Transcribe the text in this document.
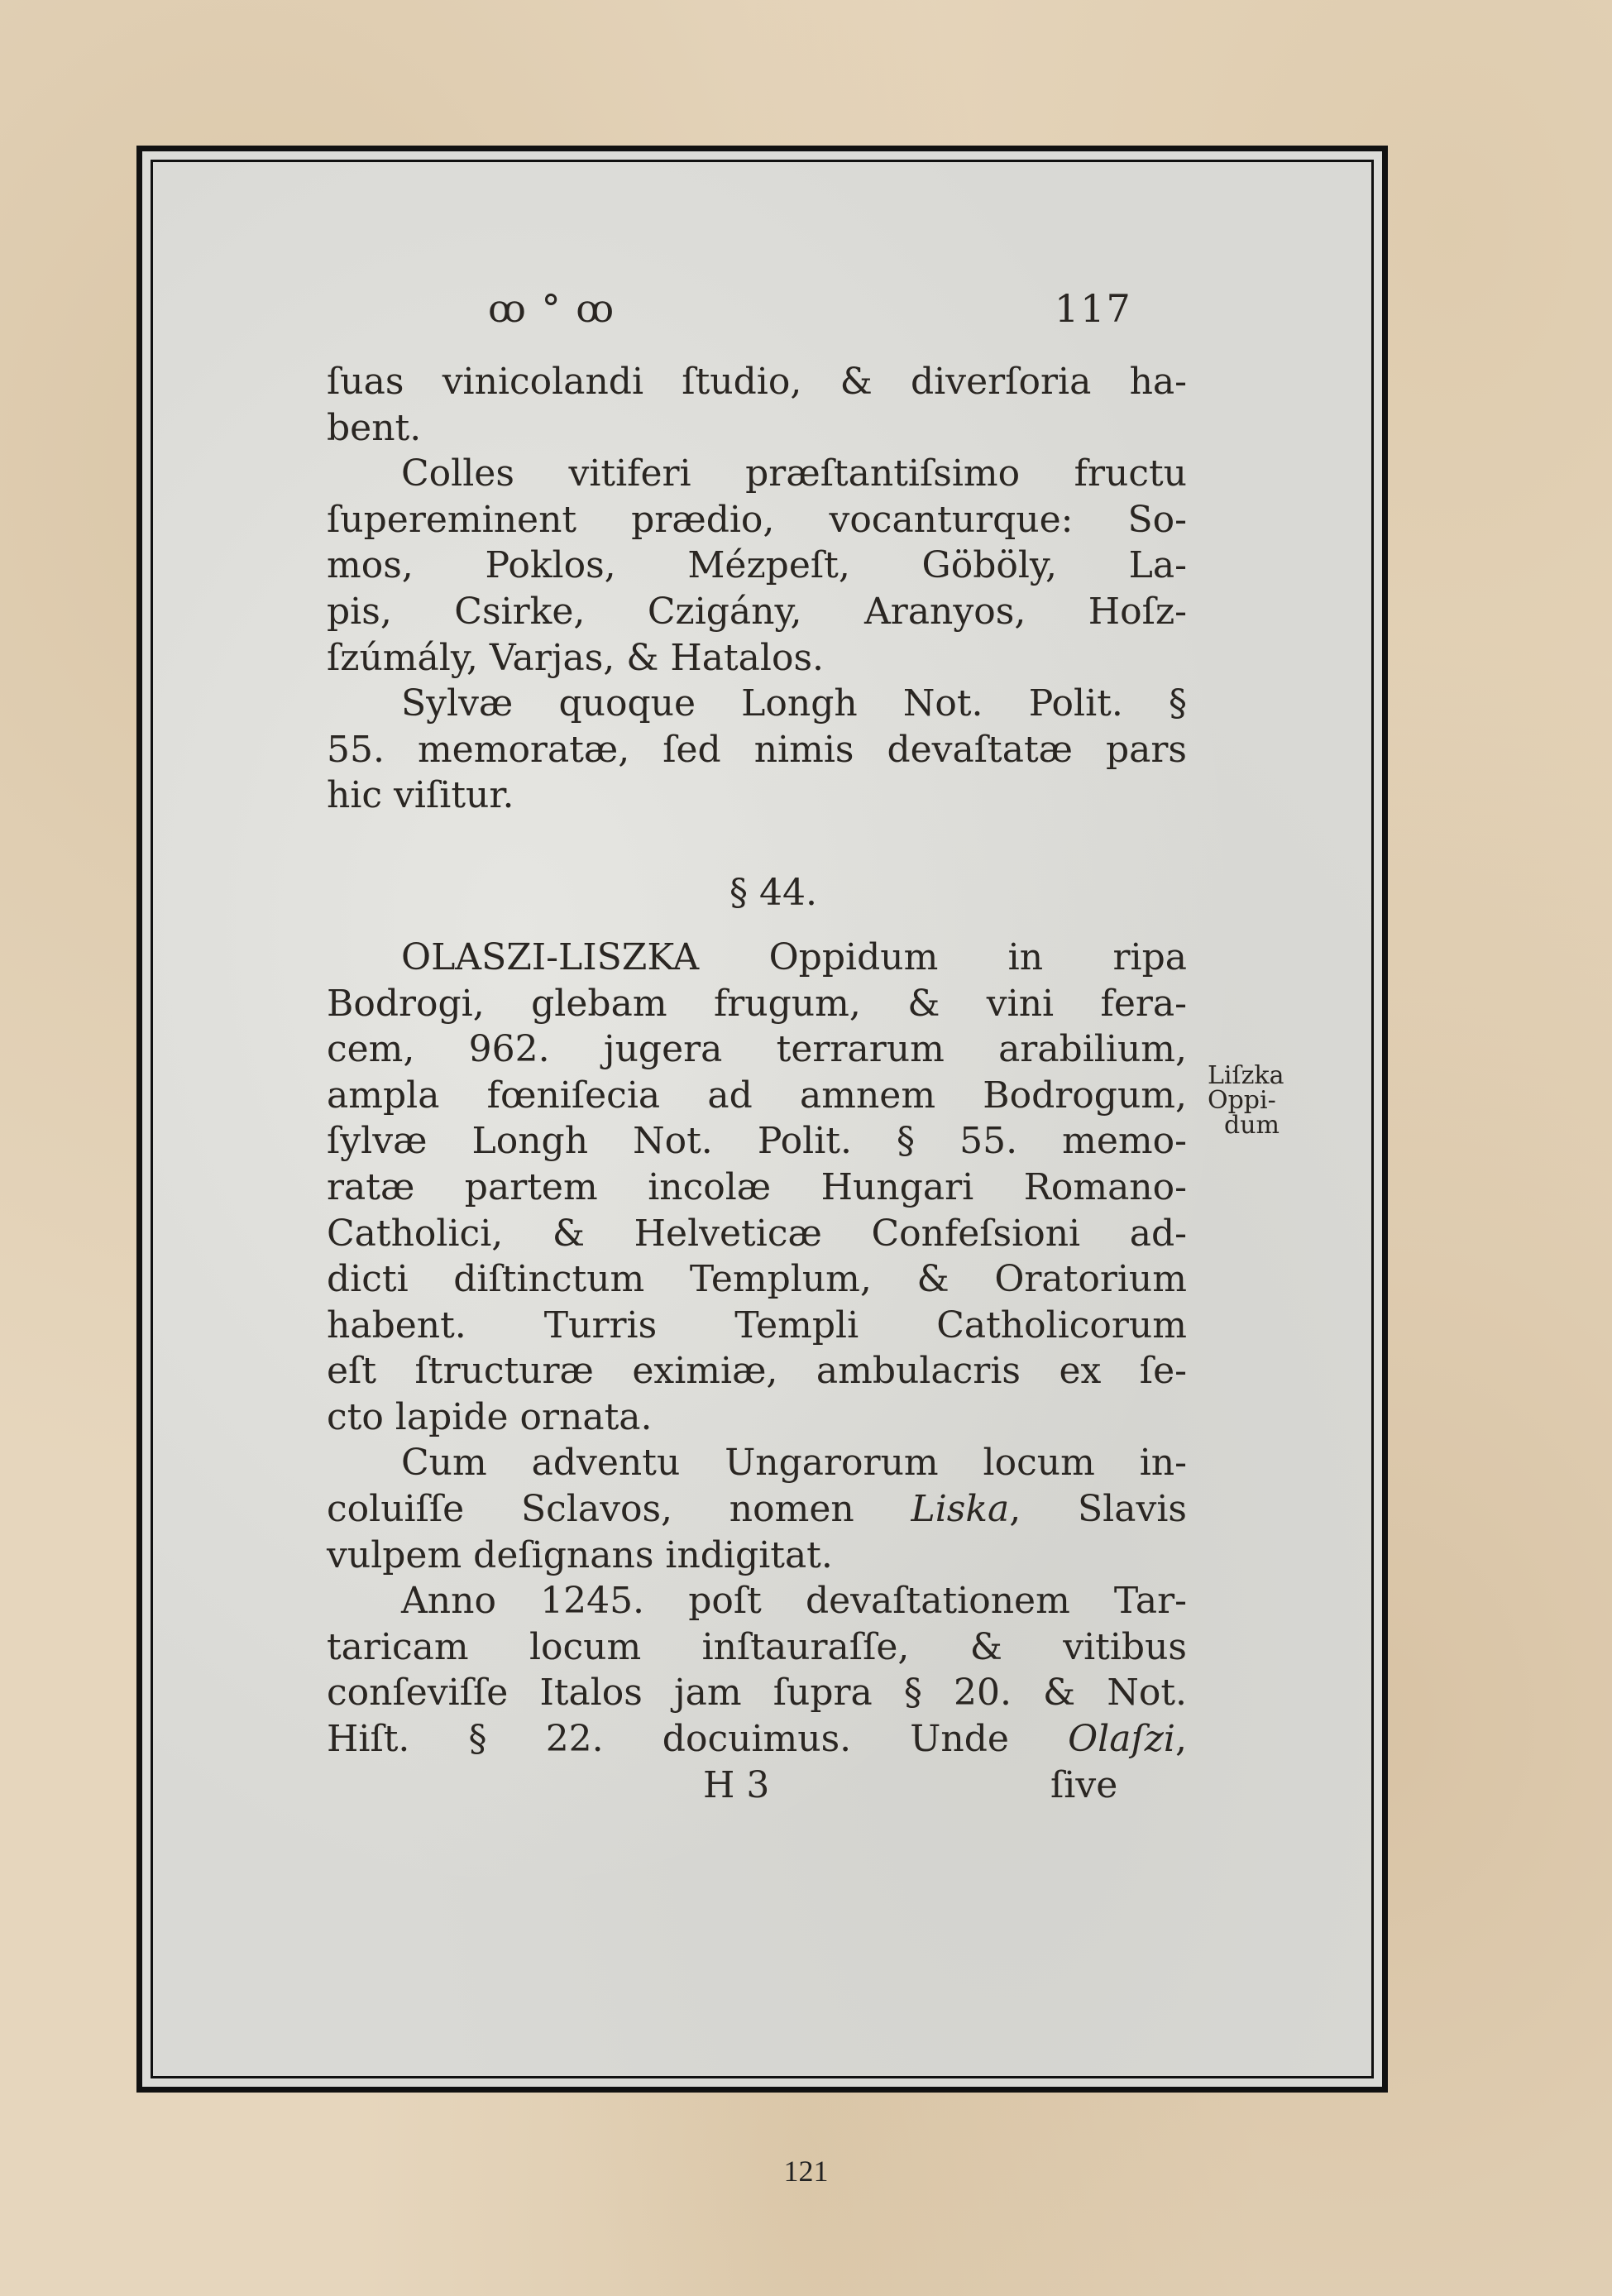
ꝏ ° ꝏ	117
ſuas vinicolandi ſtudio, & diverſoria ha-
bent.
Colles vitiferi præſtantiſsimo fructu
ſupereminent prædio, vocanturque: So-
mos, Poklos, Mézpeſt, Göböly, La-
pis, Csirke, Czigány, Aranyos, Hoſz-
ſzúmály, Varjas, & Hatalos.
Sylvæ quoque Longh Not. Polit. §
55. memoratæ, ſed nimis devaſtatæ pars
hic viſitur.
§ 44.
OLASZI-LISZKA Oppidum in ripa
Bodrogi, glebam frugum, & vini fera-
cem, 962. jugera terrarum arabilium,
ampla fœniſecia ad amnem Bodrogum,
ſylvæ Longh Not. Polit. § 55. memo-
ratæ partem incolæ Hungari Romano-
Catholici, & Helveticæ Confeſsioni ad-
dicti diſtinctum Templum, & Oratorium
habent. Turris Templi Catholicorum
eſt ſtructuræ eximiæ, ambulacris ex ſe-
cto lapide ornata.
Cum adventu Ungarorum locum in-
coluiſſe Sclavos, nomen Liska, Slavis
vulpem deſignans indigitat.
Anno 1245. poſt devaſtationem Tar-
taricam locum inſtauraſſe, & vitibus
conſeviſſe Italos jam ſupra § 20. & Not.
Hiſt. § 22. docuimus. Unde Olaſzi,
H 3	ſive
Liſzka
Oppi-
dum
121
